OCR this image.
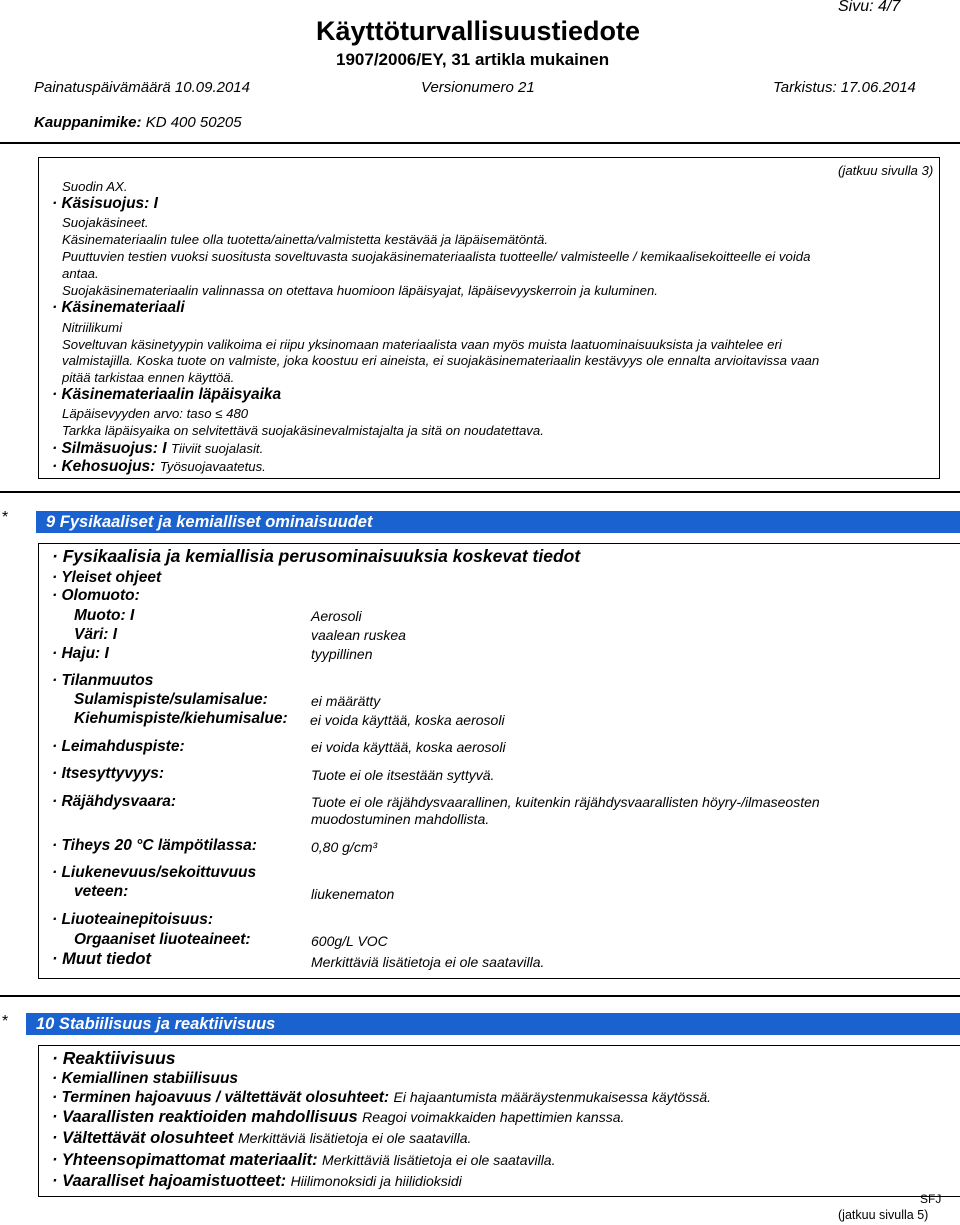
Käyttöturvallisuustiedote
1907/2006/EY, 31 artikla mukainen
Sivu: 4/7
Painatuspäivämäärä 10.09.2014	Versionumero 21	Tarkistus: 17.06.2014
Kauppanimike: KD 400 50205
(jatkuu sivulla 3)
Suodin AX.
· Käsisuojus: I
Suojakäsineet.
Käsinemateriaalin tulee olla tuotetta/ainetta/valmistetta kestävää ja läpäisemätöntä.
Puuttuvien testien vuoksi suositusta soveltuvasta suojakäsinemateriaalista tuotteelle/ valmisteelle / kemikaalisekoitteelle ei voida
antaa.
Suojakäsinemateriaalin valinnassa on otettava huomioon läpäisyajat, läpäisevyyskerroin ja kuluminen.
· Käsinemateriaali
Nitriilikumi
Soveltuvan käsinetyypin valikoima ei riipu yksinomaan materiaalista vaan myös muista laatuominaisuuksista ja vaihtelee eri
valmistajilla. Koska tuote on valmiste, joka koostuu eri aineista, ei suojakäsinemateriaalin kestävyys ole ennalta arvioitavissa vaan
pitää tarkistaa ennen käyttöä.
· Käsinemateriaalin läpäisyaika
Läpäisevyyden arvo: taso ≤ 480
Tarkka läpäisyaika on selvitettävä suojakäsinevalmistajalta ja sitä on noudatettava.
· Silmäsuojus: I Tiiviit suojalasit.
· Kehosuojus: Työsuojavaatetus.
* 9 Fysikaaliset ja kemialliset ominaisuudet
· Fysikaalisia ja kemiallisia perusominaisuuksia koskevat tiedot
· Yleiset ohjeet
· Olomuoto:
Muoto: I	Aerosoli
Väri: I	vaalean ruskea
· Haju: I	tyypillinen
· Tilanmuutos
Sulamispiste/sulamisalue:	ei määrätty
Kiehumispiste/kiehumisalue: ei voida käyttää, koska aerosoli
· Leimahduspiste:	ei voida käyttää, koska aerosoli
· Itsesyttyvyys:	Tuote ei ole itsestään syttyvä.
· Räjähdysvaara:	Tuote ei ole räjähdysvaarallinen, kuitenkin räjähdysvaarallisten höyry-/ilmaseosten
muodostuminen mahdollista.
· Tiheys 20 °C lämpötilassa:	0,80 g/cm³
· Liukenevuus/sekoittuvuus
veteen:	liukenematon
· Liuoteainepitoisuus:
Orgaaniset liuoteaineet:	600g/L VOC
· Muut tiedot	Merkittäviä lisätietoja ei ole saatavilla.
* 10 Stabiilisuus ja reaktiivisuus
· Reaktiivisuus
· Kemiallinen stabiilisuus
· Terminen hajoavuus / vältettävät olosuhteet: Ei hajaantumista määräystenmukaisessa käytössä.
· Vaarallisten reaktioiden mahdollisuus Reagoi voimakkaiden hapettimien kanssa.
· Vältettävät olosuhteet Merkittäviä lisätietoja ei ole saatavilla.
· Yhteensopimattomat materiaalit: Merkittäviä lisätietoja ei ole saatavilla.
· Vaaralliset hajoamistuotteet: Hiilimonoksidi ja hiilidioksidi
SFJ
(jatkuu sivulla 5)
